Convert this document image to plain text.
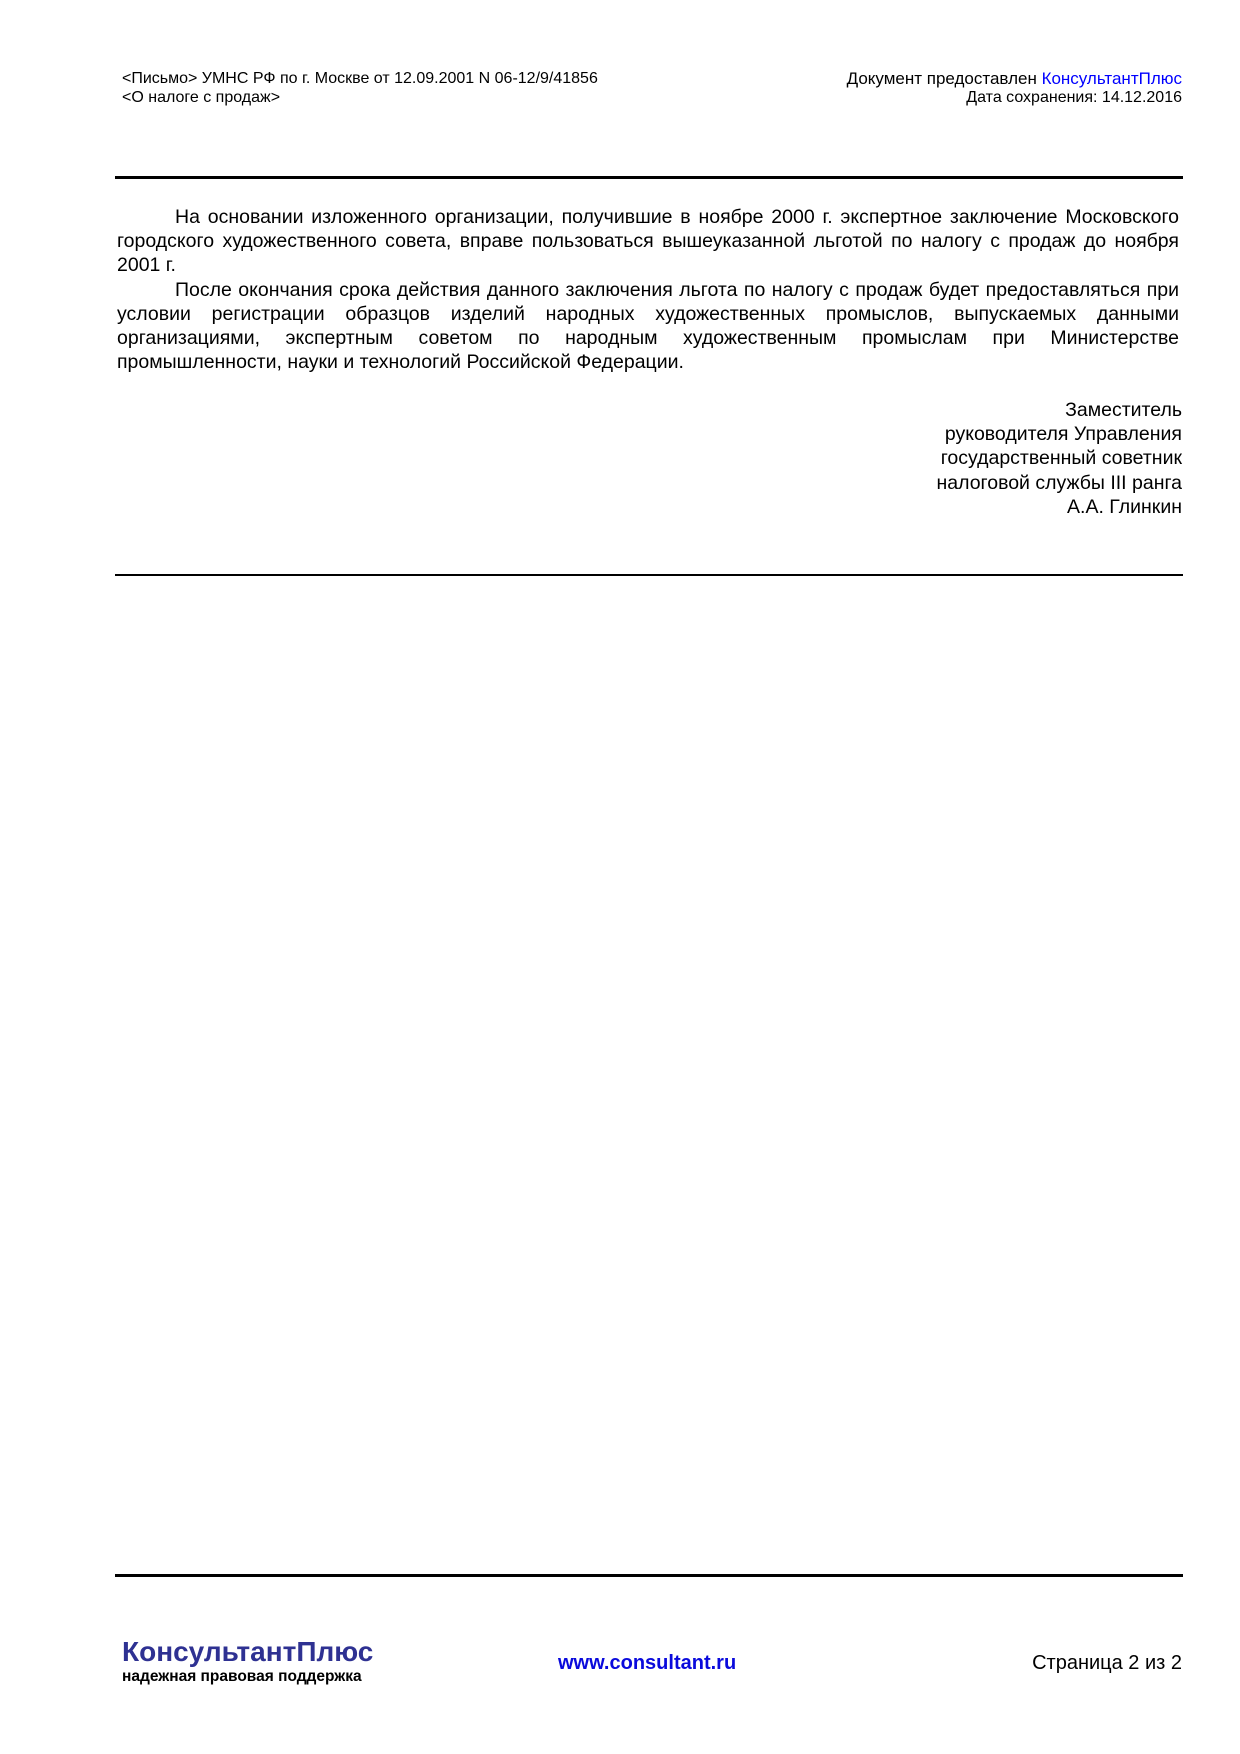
<Письмо> УМНС РФ по г. Москве от 12.09.2001 N 06-12/9/41856
<О налоге с продаж>
Документ предоставлен КонсультантПлюс
Дата сохранения: 14.12.2016

На основании изложенного организации, получившие в ноябре 2000 г. экспертное заключение Московского городского художественного совета, вправе пользоваться вышеуказанной льготой по налогу с продаж до ноября 2001 г.

После окончания срока действия данного заключения льгота по налогу с продаж будет предоставляться при условии регистрации образцов изделий народных художественных промыслов, выпускаемых данными организациями, экспертным советом по народным художественным промыслам при Министерстве промышленности, науки и технологий Российской Федерации.

Заместитель
руководителя Управления
государственный советник
налоговой службы III ранга
А.А. Глинкин
КонсультантПлюс
надежная правовая поддержка
www.consultant.ru	Страница 2 из 2
